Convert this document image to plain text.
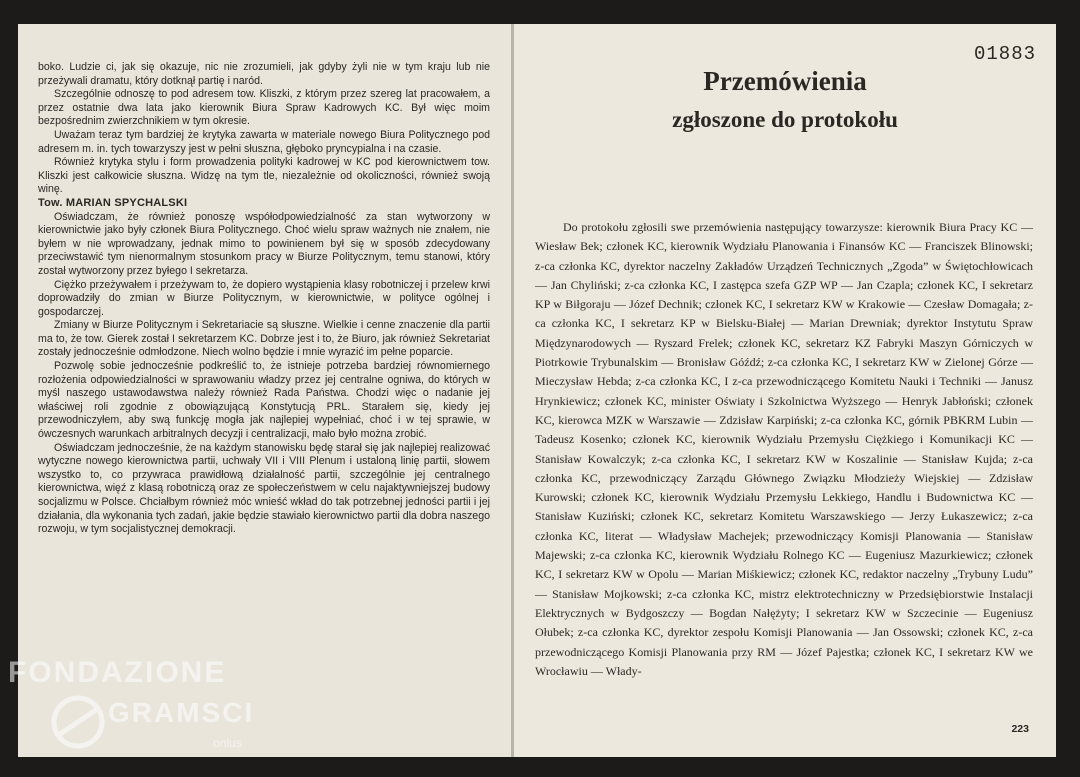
boko. Ludzie ci, jak się okazuje, nic nie zrozumieli, jak gdyby żyli nie w tym kraju lub nie przeżywali dramatu, który dotknął partię i naród.

Szczególnie odnoszę to pod adresem tow. Kliszki, z którym przez szereg lat pracowałem, a przez ostatnie dwa lata jako kierownik Biura Spraw Kadrowych KC. Był więc moim bezpośrednim zwierzchnikiem w tym okresie.

Uważam teraz tym bardziej że krytyka zawarta w materiale nowego Biura Politycznego pod adresem m. in. tych towarzyszy jest w pełni słuszna, głęboko pryncypialna i na czasie.

Również krytyka stylu i form prowadzenia polityki kadrowej w KC pod kierownictwem tow. Kliszki jest całkowicie słuszna. Widzę na tym tle, niezależnie od okoliczności, również swoją winę.

Tow. MARIAN SPYCHALSKI

Oświadczam, że również ponoszę współodpowiedzialność za stan wytworzony w kierownictwie jako były członek Biura Politycznego. Choć wielu spraw ważnych nie znałem, nie byłem w nie wprowadzany, jednak mimo to powinienem był się w sposób zdecydowany przeciwstawić tym nienormalnym stosunkom pracy w Biurze Politycznym, temu stanowi, który został wytworzony przez byłego I sekretarza.

Ciężko przeżywałem i przeżywam to, że dopiero wystąpienia klasy robotniczej i przelew krwi doprowadziły do zmian w Biurze Politycznym, w kierownictwie, w polityce ogólnej i gospodarczej.

Zmiany w Biurze Politycznym i Sekretariacie są słuszne. Wielkie i cenne znaczenie dla partii ma to, że tow. Gierek został I sekretarzem KC. Dobrze jest i to, że Biuro, jak również Sekretariat zostały jednocześnie odmłodzone. Niech wolno będzie i mnie wyrazić im pełne poparcie.

Pozwolę sobie jednocześnie podkreślić to, że istnieje potrzeba bardziej równomiernego rozłożenia odpowiedzialności w sprawowaniu władzy przez jej centralne ogniwa, do których w myśl naszego ustawodawstwa należy również Rada Państwa. Chodzi więc o nadanie jej właściwej roli zgodnie z obowiązującą Konstytucją PRL. Starałem się, kiedy jej przewodniczyłem, aby swą funkcję mogła jak najlepiej wypełniać, choć i w tej sprawie, w ówczesnych warunkach arbitralnych decyzji i centralizacji, mało było można zrobić.

Oświadczam jednocześnie, że na każdym stanowisku będę starał się jak najlepiej realizować wytyczne nowego kierownictwa partii, uchwały VII i VIII Plenum i ustaloną linię partii, słowem wszystko to, co przywraca prawidłową działalność partii, szczególnie jej centralnego kierownictwa, więź z klasą robotniczą oraz ze społeczeństwem w celu najaktywniejszej budowy socjalizmu w Polsce. Chciałbym również móc wnieść wkład do tak potrzebnej jedności partii i jej działania, dla wykonania tych zadań, jakie będzie stawiało kierownictwo partii dla dobra naszego rozwoju, w tym socjalistycznej demokracji.

01883
Przemówienia
zgłoszone do protokołu

Do protokołu zgłosili swe przemówienia następujący towarzysze: kierownik Biura Pracy KC — Wiesław Bek; członek KC, kierownik Wydziału Planowania i Finansów KC — Franciszek Blinowski; z-ca członka KC, dyrektor naczelny Zakładów Urządzeń Technicznych „Zgoda” w Świętochłowicach — Jan Chyliński; z-ca członka KC, I zastępca szefa GZP WP — Jan Czapla; członek KC, I sekretarz KP w Biłgoraju — Józef Dechnik; członek KC, I sekretarz KW w Krakowie — Czesław Domagała; z-ca członka KC, I sekretarz KP w Bielsku-Białej — Marian Drewniak; dyrektor Instytutu Spraw Międzynarodowych — Ryszard Frelek; członek KC, sekretarz KZ Fabryki Maszyn Górniczych w Piotrkowie Trybunalskim — Bronisław Góźdź; z-ca członka KC, I sekretarz KW w Zielonej Górze — Mieczysław Hebda; z-ca członka KC, I z-ca przewodniczącego Komitetu Nauki i Techniki — Janusz Hrynkiewicz; członek KC, minister Oświaty i Szkolnictwa Wyższego — Henryk Jabłoński; członek KC, kierowca MZK w Warszawie — Zdzisław Karpiński; z-ca członka KC, górnik PBKRM Lubin — Tadeusz Kosenko; członek KC, kierownik Wydziału Przemysłu Ciężkiego i Komunikacji KC — Stanisław Kowalczyk; z-ca członka KC, I sekretarz KW w Koszalinie — Stanisław Kujda; z-ca członka KC, przewodniczący Zarządu Głównego Związku Młodzieży Wiejskiej — Zdzisław Kurowski; członek KC, kierownik Wydziału Przemysłu Lekkiego, Handlu i Budownictwa KC — Stanisław Kuziński; członek KC, sekretarz Komitetu Warszawskiego — Jerzy Łukaszewicz; z-ca członka KC, literat — Władysław Machejek; przewodniczący Komisji Planowania — Stanisław Majewski; z-ca członka KC, kierownik Wydziału Rolnego KC — Eugeniusz Mazurkiewicz; członek KC, I sekretarz KW w Opolu — Marian Miśkiewicz; członek KC, redaktor naczelny „Trybuny Ludu” — Stanisław Mojkowski; z-ca członka KC, mistrz elektrotechniczny w Przedsiębiorstwie Instalacji Elektrycznych w Bydgoszczy — Bogdan Nałężyty; I sekretarz KW w Szczecinie — Eugeniusz Ołubek; z-ca członka KC, dyrektor zespołu Komisji Planowania — Jan Ossowski; członek KC, z-ca przewodniczącego Komisji Planowania przy RM — Józef Pajestka; członek KC, I sekretarz KW we Wrocławiu — Włady-

223
FONDAZIONE
GRAMSCI
onlus
